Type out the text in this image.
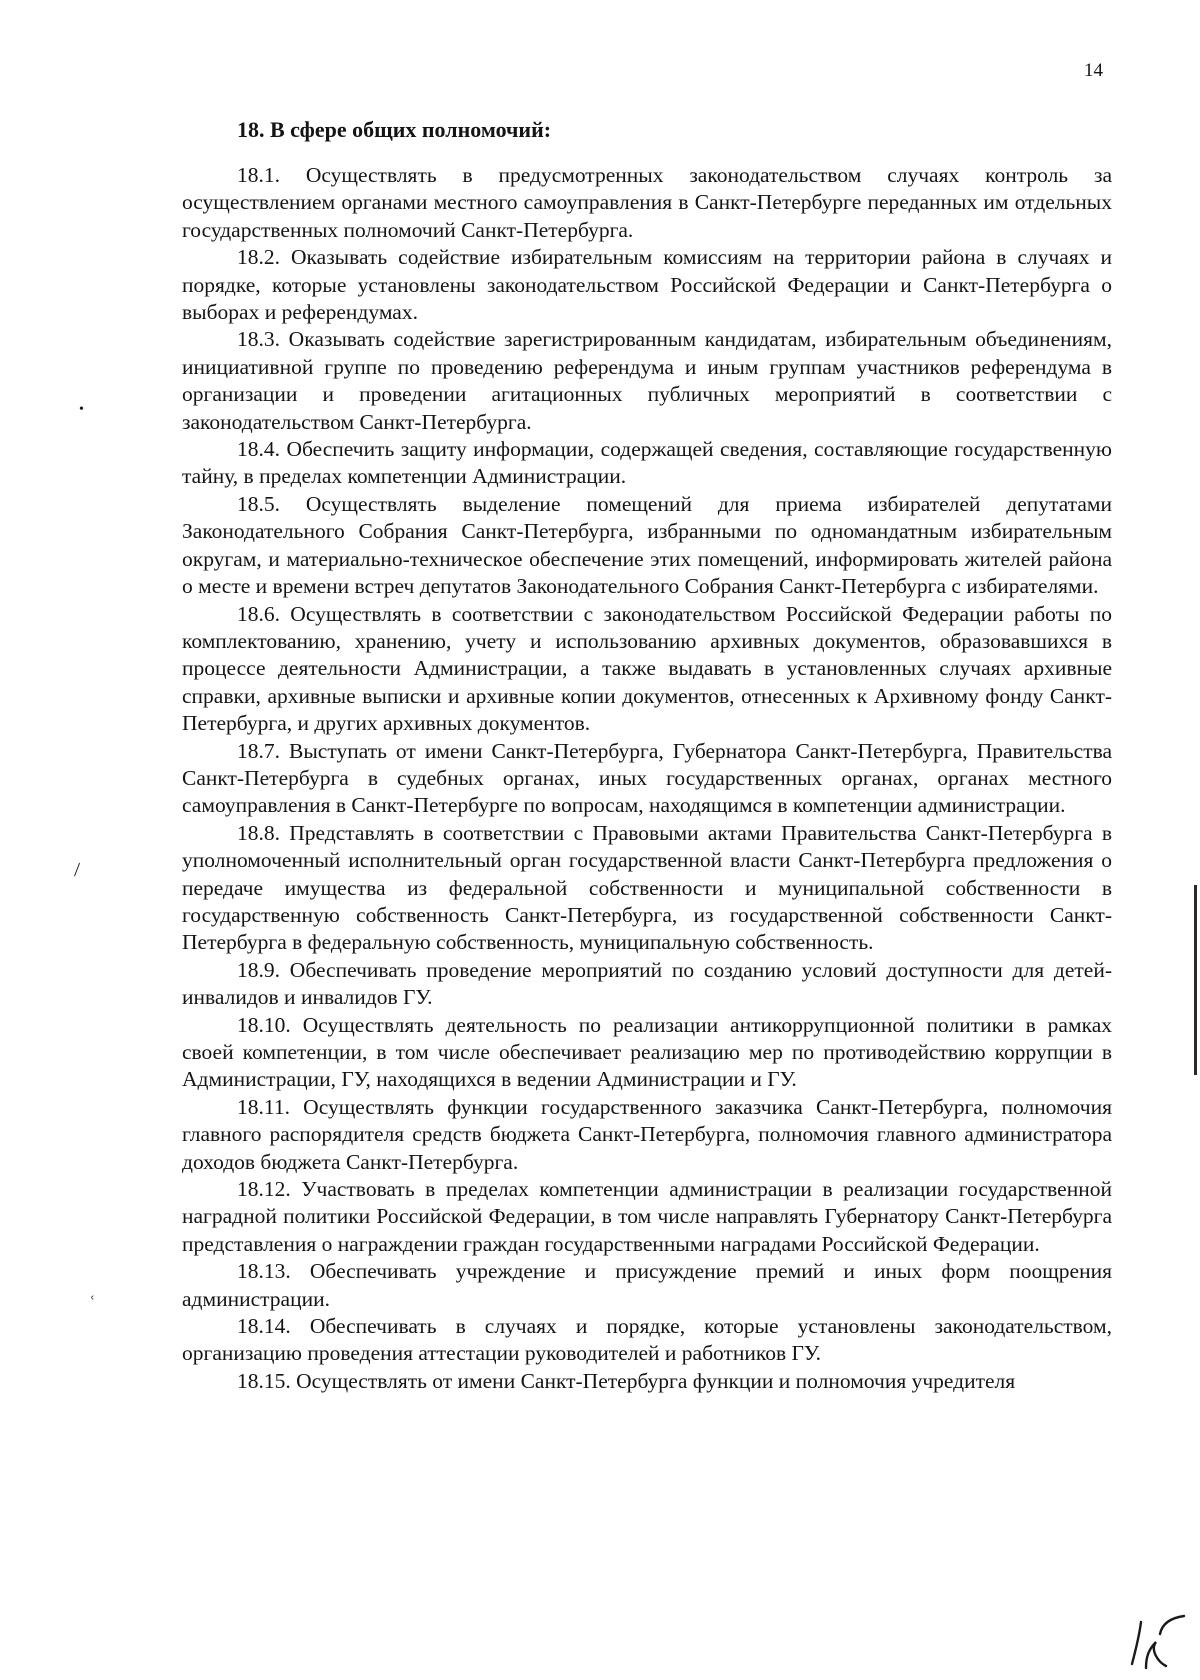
14
18. В сфере общих полномочий:

18.1. Осуществлять в предусмотренных законодательством случаях контроль за осуществлением органами местного самоуправления в Санкт-Петербурге переданных им отдельных государственных полномочий Санкт-Петербурга.

18.2. Оказывать содействие избирательным комиссиям на территории района в случаях и порядке, которые установлены законодательством Российской Федерации и Санкт-Петербурга о выборах и референдумах.

18.3. Оказывать содействие зарегистрированным кандидатам, избирательным объединениям, инициативной группе по проведению референдума и иным группам участников референдума в организации и проведении агитационных публичных мероприятий в соответствии с законодательством Санкт-Петербурга.

18.4. Обеспечить защиту информации, содержащей сведения, составляющие государственную тайну, в пределах компетенции Администрации.

18.5. Осуществлять выделение помещений для приема избирателей депутатами Законодательного Собрания Санкт-Петербурга, избранными по одномандатным избирательным округам, и материально-техническое обеспечение этих помещений, информировать жителей района о месте и времени встреч депутатов Законодательного Собрания Санкт-Петербурга с избирателями.

18.6. Осуществлять в соответствии с законодательством Российской Федерации работы по комплектованию, хранению, учету и использованию архивных документов, образовавшихся в процессе деятельности Администрации, а также выдавать в установленных случаях архивные справки, архивные выписки и архивные копии документов, отнесенных к Архивному фонду Санкт-Петербурга, и других архивных документов.

18.7. Выступать от имени Санкт-Петербурга, Губернатора Санкт-Петербурга, Правительства Санкт-Петербурга в судебных органах, иных государственных органах, органах местного самоуправления в Санкт-Петербурге по вопросам, находящимся в компетенции администрации.

18.8. Представлять в соответствии с Правовыми актами Правительства Санкт-Петербурга в уполномоченный исполнительный орган государственной власти Санкт-Петербурга предложения о передаче имущества из федеральной собственности и муниципальной собственности в государственную собственность Санкт-Петербурга, из государственной собственности Санкт-Петербурга в федеральную собственность, муниципальную собственность.

18.9. Обеспечивать проведение мероприятий по созданию условий доступности для детей-инвалидов и инвалидов ГУ.

18.10. Осуществлять деятельность по реализации антикоррупционной политики в рамках своей компетенции, в том числе обеспечивает реализацию мер по противодействию коррупции в Администрации, ГУ, находящихся в ведении Администрации и ГУ.

18.11. Осуществлять функции государственного заказчика Санкт-Петербурга, полномочия главного распорядителя средств бюджета Санкт-Петербурга, полномочия главного администратора доходов бюджета Санкт-Петербурга.

18.12. Участвовать в пределах компетенции администрации в реализации государственной наградной политики Российской Федерации, в том числе направлять Губернатору Санкт-Петербурга представления о награждении граждан государственными наградами Российской Федерации.

18.13. Обеспечивать учреждение и присуждение премий и иных форм поощрения администрации.

18.14. Обеспечивать в случаях и порядке, которые установлены законодательством, организацию проведения аттестации руководителей и работников ГУ.

18.15. Осуществлять от имени Санкт-Петербурга функции и полномочия учредителя

•
\
ʿ
